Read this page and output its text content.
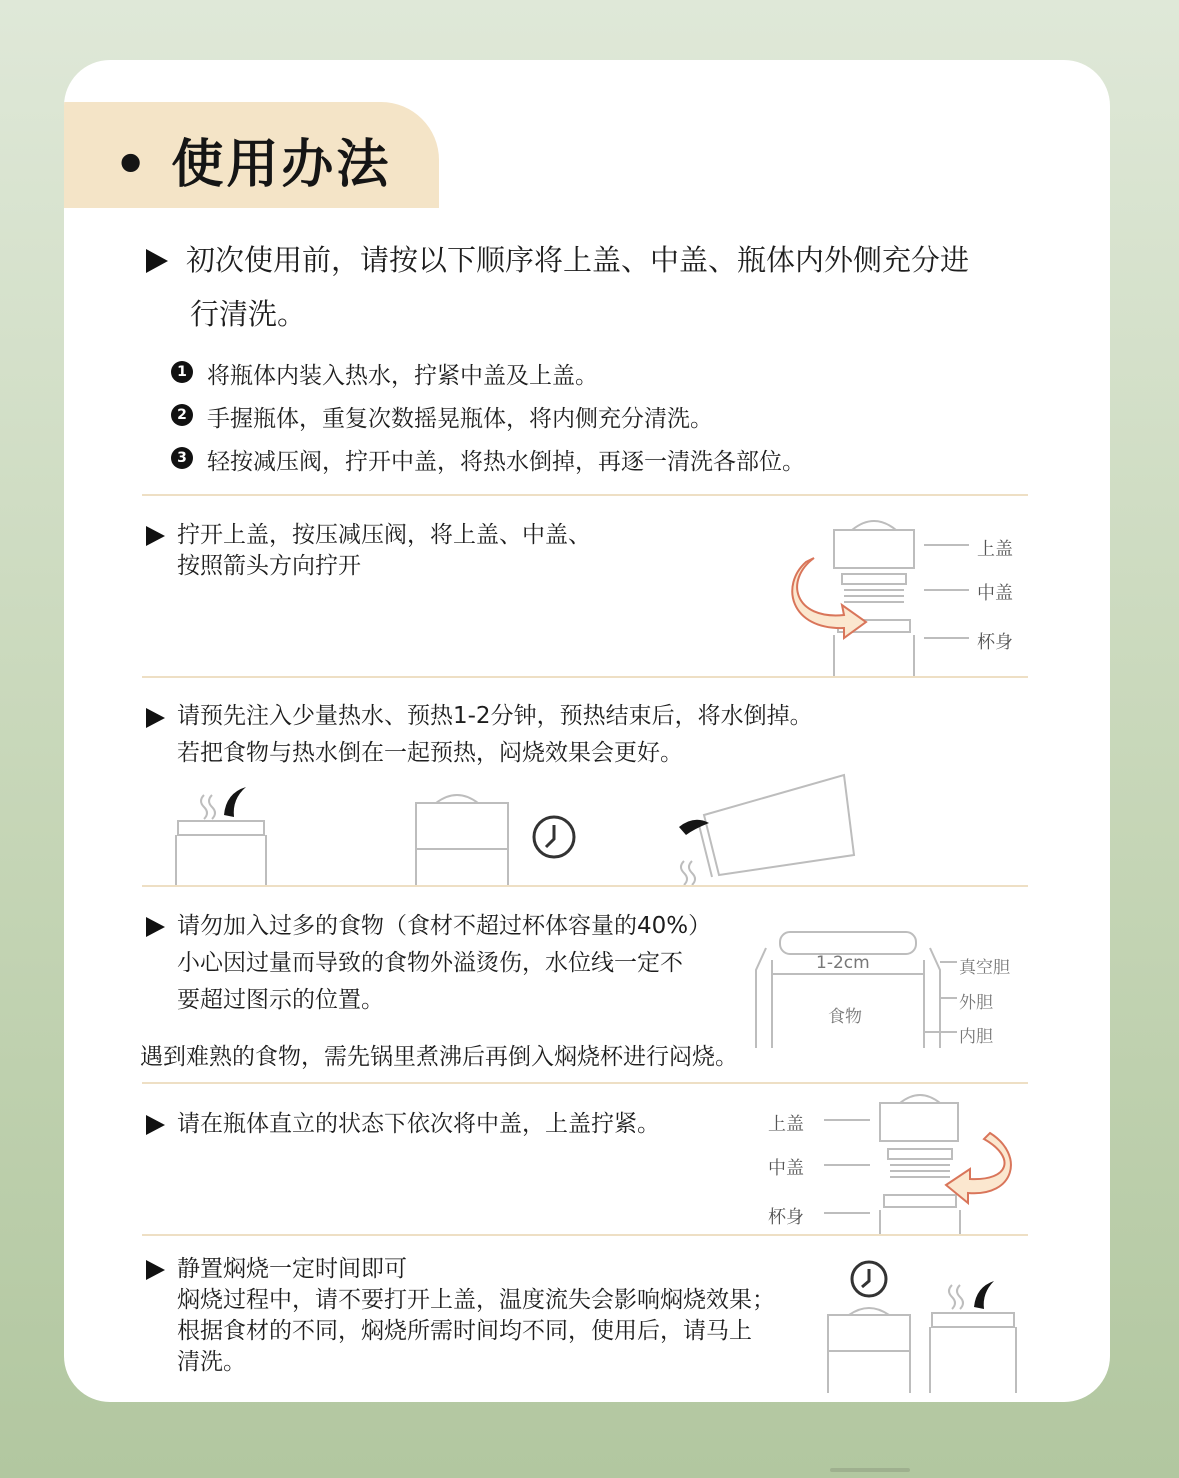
• 使用办法
初次使用前，请按以下顺序将上盖、中盖、瓶体内外侧充分进
行清洗。
1 将瓶体内装入热水，拧紧中盖及上盖。
2 手握瓶体，重复次数摇晃瓶体，将内侧充分清洗。
3 轻按减压阀，拧开中盖，将热水倒掉，再逐一清洗各部位。
拧开上盖，按压减压阀，将上盖、中盖、
按照箭头方向拧开
上盖
中盖
杯身
请预先注入少量热水、预热1-2分钟，预热结束后，将水倒掉。
若把食物与热水倒在一起预热，闷烧效果会更好。
请勿加入过多的食物（食材不超过杯体容量的40%）
小心因过量而导致的食物外溢烫伤，水位线一定不
要超过图示的位置。
遇到难熟的食物，需先锅里煮沸后再倒入焖烧杯进行闷烧。
1-2cm
食物
真空胆
外胆
内胆
请在瓶体直立的状态下依次将中盖，上盖拧紧。	上盖
中盖
杯身
静置焖烧一定时间即可
焖烧过程中，请不要打开上盖，温度流失会影响焖烧效果；
根据食材的不同，焖烧所需时间均不同，使用后，请马上
清洗。
